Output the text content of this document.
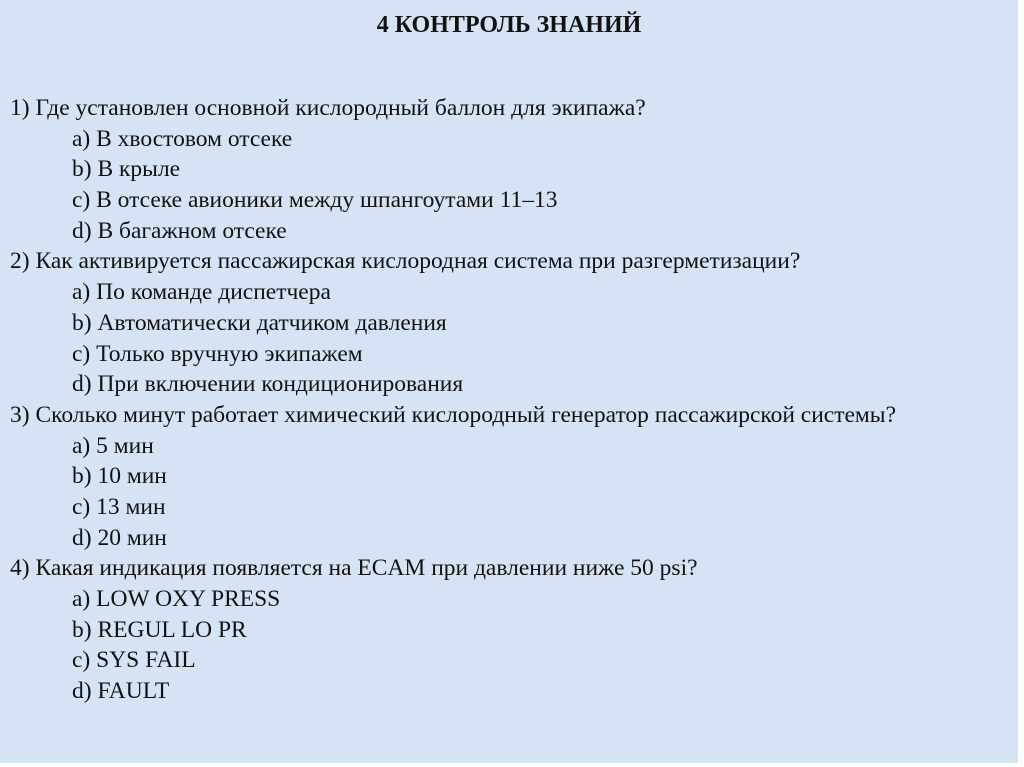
4 КОНТРОЛЬ ЗНАНИЙ
1) Где установлен основной кислородный баллон для экипажа?
a) В хвостовом отсеке
b) В крыле
c) В отсеке авионики между шпангоутами 11–13
d) В багажном отсеке
2) Как активируется пассажирская кислородная система при разгерметизации?
a) По команде диспетчера
b) Автоматически датчиком давления
c) Только вручную экипажем
d) При включении кондиционирования
3) Сколько минут работает химический кислородный генератор пассажирской системы?
a) 5 мин
b) 10 мин
c) 13 мин
d) 20 мин
4) Какая индикация появляется на ECAM при давлении ниже 50 psi?
a) LOW OXY PRESS
b) REGUL LO PR
c) SYS FAIL
d) FAULT
